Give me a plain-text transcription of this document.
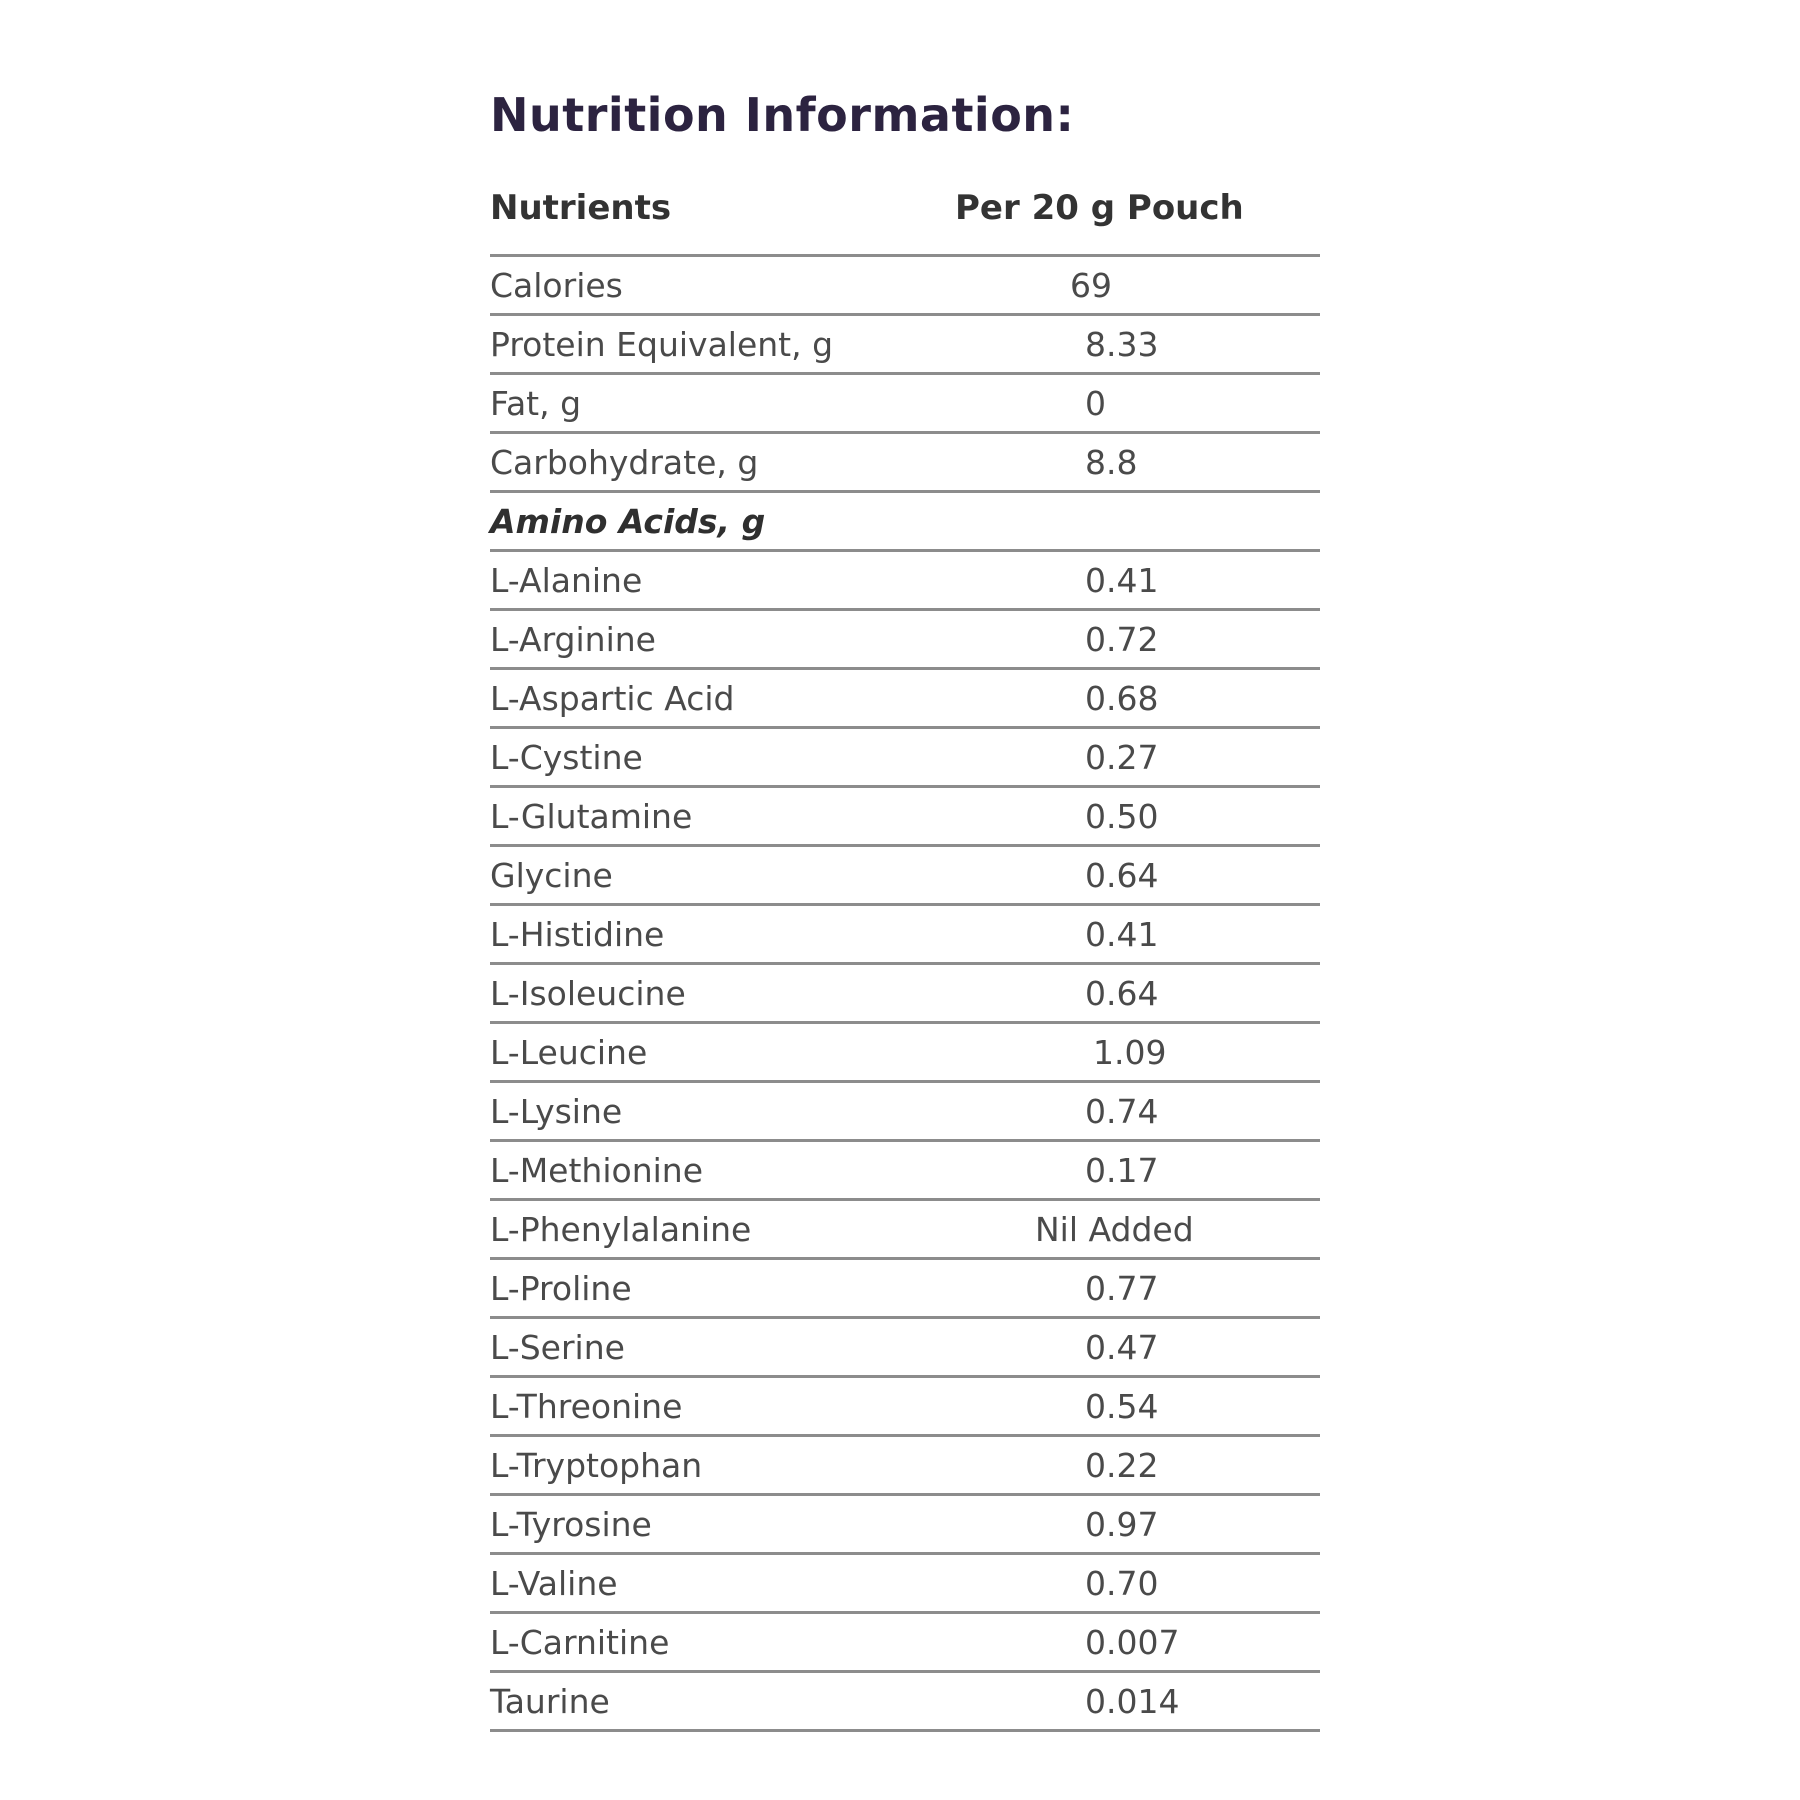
Nutrition Information:
Nutrients	Per 20 g Pouch
Calories	69
Protein Equivalent, g	8.33
Fat, g	0
Carbohydrate, g	8.8
Amino Acids, g
L-Alanine	0.41
L-Arginine	0.72
L-Aspartic Acid	0.68
L-Cystine	0.27
L-Glutamine	0.50
Glycine	0.64
L-Histidine	0.41
L-Isoleucine	0.64
L-Leucine	1.09
L-Lysine	0.74
L-Methionine	0.17
L-Phenylalanine	Nil Added
L-Proline	0.77
L-Serine	0.47
L-Threonine	0.54
L-Tryptophan	0.22
L-Tyrosine	0.97
L-Valine	0.70
L-Carnitine	0.007
Taurine	0.014
